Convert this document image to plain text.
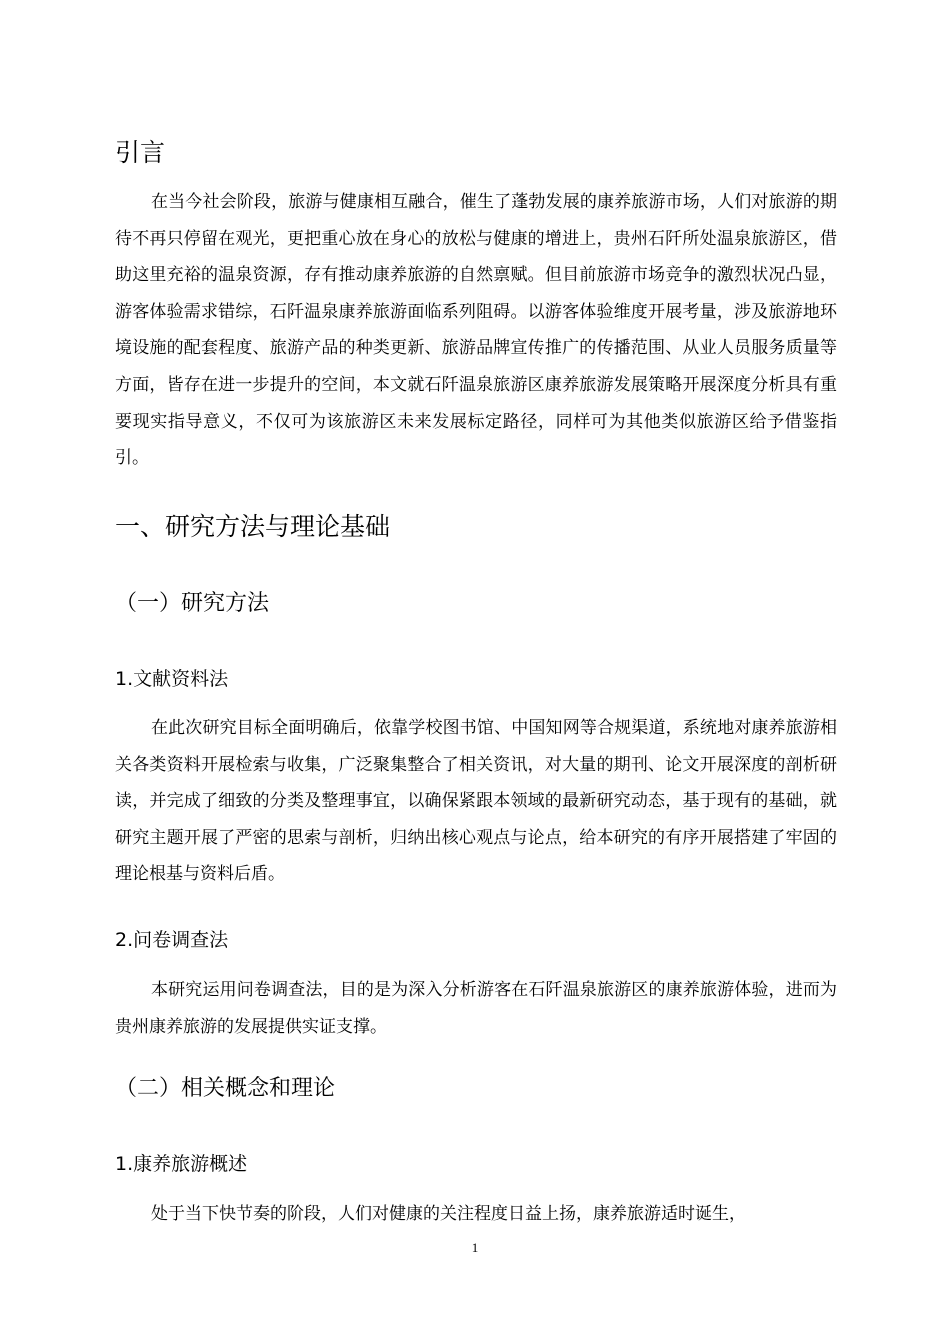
引言

在当今社会阶段，旅游与健康相互融合，催生了蓬勃发展的康养旅游市场，人们对旅游的期待不再只停留在观光，更把重心放在身心的放松与健康的增进上，贵州石阡所处温泉旅游区，借助这里充裕的温泉资源，存有推动康养旅游的自然禀赋。但目前旅游市场竞争的激烈状况凸显，游客体验需求错综，石阡温泉康养旅游面临系列阻碍。以游客体验维度开展考量，涉及旅游地环境设施的配套程度、旅游产品的种类更新、旅游品牌宣传推广的传播范围、从业人员服务质量等方面，皆存在进一步提升的空间，本文就石阡温泉旅游区康养旅游发展策略开展深度分析具有重要现实指导意义，不仅可为该旅游区未来发展标定路径，同样可为其他类似旅游区给予借鉴指引。

一、研究方法与理论基础
（一）研究方法
1.文献资料法

在此次研究目标全面明确后，依靠学校图书馆、中国知网等合规渠道，系统地对康养旅游相关各类资料开展检索与收集，广泛聚集整合了相关资讯，对大量的期刊、论文开展深度的剖析研读，并完成了细致的分类及整理事宜，以确保紧跟本领域的最新研究动态，基于现有的基础，就研究主题开展了严密的思索与剖析，归纳出核心观点与论点，给本研究的有序开展搭建了牢固的理论根基与资料后盾。

2.问卷调查法

本研究运用问卷调查法，目的是为深入分析游客在石阡温泉旅游区的康养旅游体验，进而为贵州康养旅游的发展提供实证支撑。

（二）相关概念和理论
1.康养旅游概述

处于当下快节奏的阶段，人们对健康的关注程度日益上扬，康养旅游适时诞生，

1
